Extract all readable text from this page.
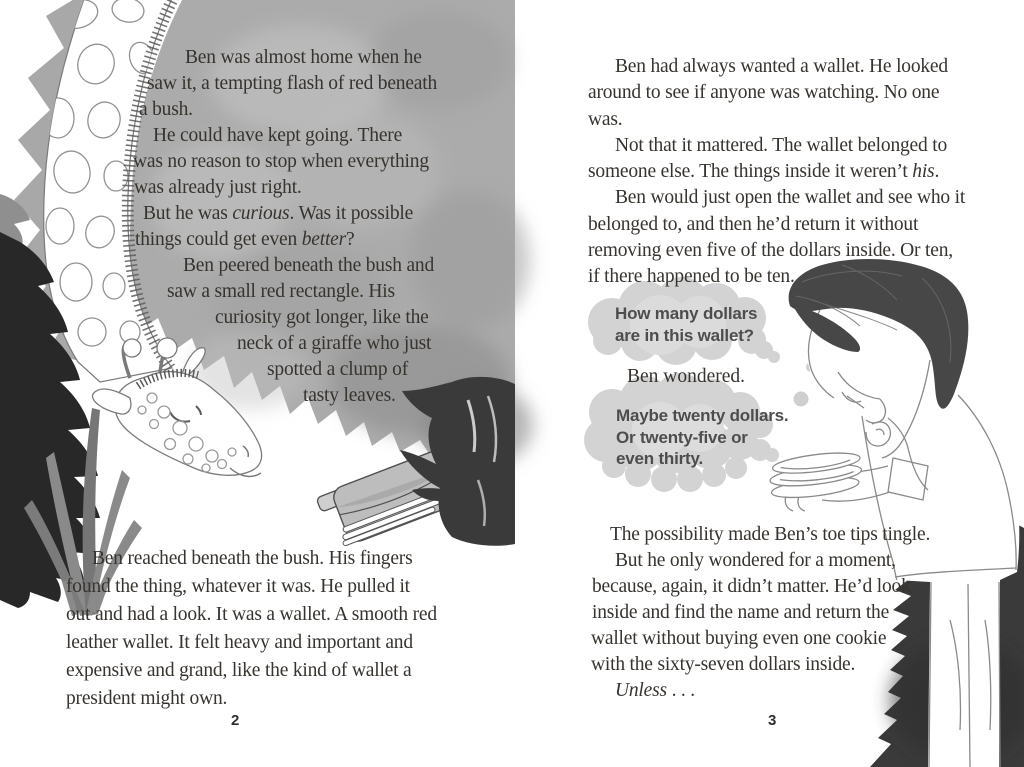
Ben was almost home when he
saw it, a tempting flash of red beneath
a bush.
He could have kept going. There
was no reason to stop when everything
was already just right.
But he was curious. Was it possible
things could get even better?
Ben peered beneath the bush and
saw a small red rectangle. His
curiosity got longer, like the
neck of a giraffe who just
spotted a clump of
tasty leaves.
Ben reached beneath the bush. His fingers
found the thing, whatever it was. He pulled it
out and had a look. It was a wallet. A smooth red
leather wallet. It felt heavy and important and
expensive and grand, like the kind of wallet a
president might own.
2
Ben had always wanted a wallet. He looked
around to see if anyone was watching. No one
was.
Not that it mattered. The wallet belonged to
someone else. The things inside it weren’t his.
Ben would just open the wallet and see who it
belonged to, and then he’d return it without
removing even five of the dollars inside. Or ten,
if there happened to be ten.
How many dollars
are in this wallet?
Ben wondered.
Maybe twenty dollars.
Or twenty-five or
even thirty.
The possibility made Ben’s toe tips tingle.
But he only wondered for a moment,
because, again, it didn’t matter. He’d look
inside and find the name and return the
wallet without buying even one cookie
with the sixty-seven dollars inside.
Unless . . .
3
